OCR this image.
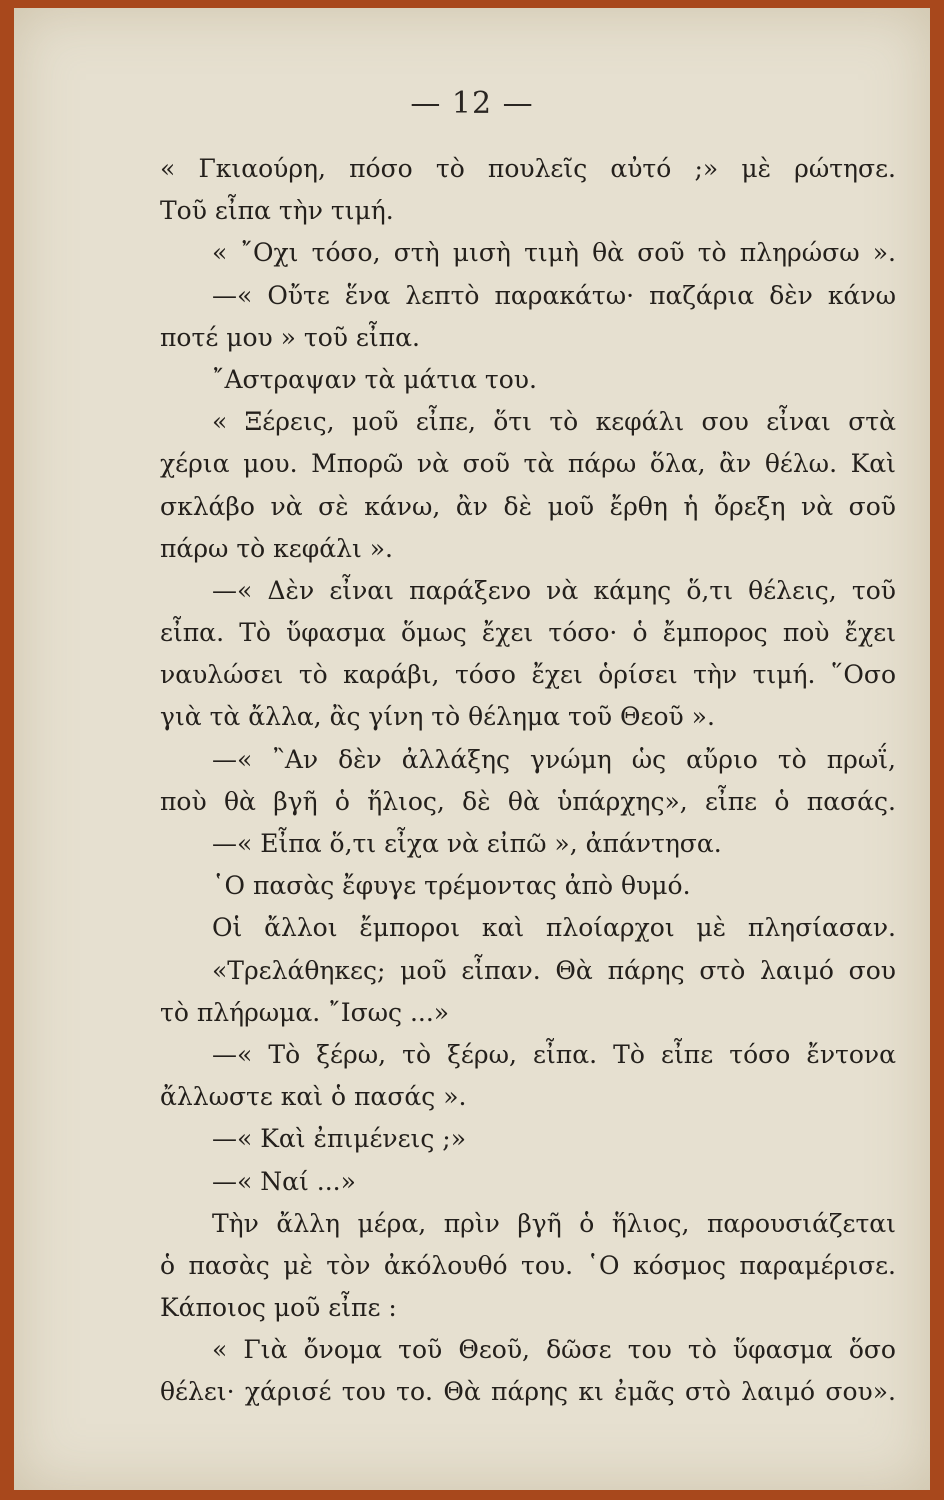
— 12 —
« Γκιαούρη, πόσο τὸ πουλεῖς αὐτό ;» μὲ ρώτησε.
Τοῦ εἶπα τὴν τιμή.
« ῎Οχι τόσο, στὴ μισὴ τιμὴ θὰ σοῦ τὸ πληρώσω ».
—« Οὔτε ἕνα λεπτὸ παρακάτω· παζάρια δὲν κάνω
ποτέ μου » τοῦ εἶπα.
῎Αστραψαν τὰ μάτια του.
« Ξέρεις, μοῦ εἶπε, ὅτι τὸ κεφάλι σου εἶναι στὰ
χέρια μου. Μπορῶ νὰ σοῦ τὰ πάρω ὅλα, ἂν θέλω. Καὶ
σκλάβο νὰ σὲ κάνω, ἂν δὲ μοῦ ἔρθη ἡ ὄρεξη νὰ σοῦ
πάρω τὸ κεφάλι ».
—« Δὲν εἶναι παράξενο νὰ κάμης ὅ,τι θέλεις, τοῦ
εἶπα. Τὸ ὕφασμα ὅμως ἔχει τόσο· ὁ ἔμπορος ποὺ ἔχει
ναυλώσει τὸ καράβι, τόσο ἔχει ὁρίσει τὴν τιμή. ῞Οσο
γιὰ τὰ ἄλλα, ἂς γίνη τὸ θέλημα τοῦ Θεοῦ ».
—« ῍Αν δὲν ἀλλάξης γνώμη ὡς αὔριο τὸ πρωΐ,
ποὺ θὰ βγῆ ὁ ἥλιος, δὲ θὰ ὑπάρχης», εἶπε ὁ πασάς.
—« Εἶπα ὅ,τι εἶχα νὰ εἰπῶ », ἀπάντησα.
῾Ο πασὰς ἔφυγε τρέμοντας ἀπὸ θυμό.
Οἱ ἄλλοι ἔμποροι καὶ πλοίαρχοι μὲ πλησίασαν.
«Τρελάθηκες; μοῦ εἶπαν. Θὰ πάρης στὸ λαιμό σου
τὸ πλήρωμα. ῎Ισως ...»
—« Τὸ ξέρω, τὸ ξέρω, εἶπα. Τὸ εἶπε τόσο ἔντονα
ἄλλωστε καὶ ὁ πασάς ».
—« Καὶ ἐπιμένεις ;»
—« Ναί ...»
Τὴν ἄλλη μέρα, πρὶν βγῆ ὁ ἥλιος, παρουσιάζεται
ὁ πασὰς μὲ τὸν ἀκόλουθό του. ῾Ο κόσμος παραμέρισε.
Κάποιος μοῦ εἶπε :
« Γιὰ ὄνομα τοῦ Θεοῦ, δῶσε του τὸ ὕφασμα ὅσο
θέλει· χάρισέ του το. Θὰ πάρης κι ἐμᾶς στὸ λαιμό σου».
